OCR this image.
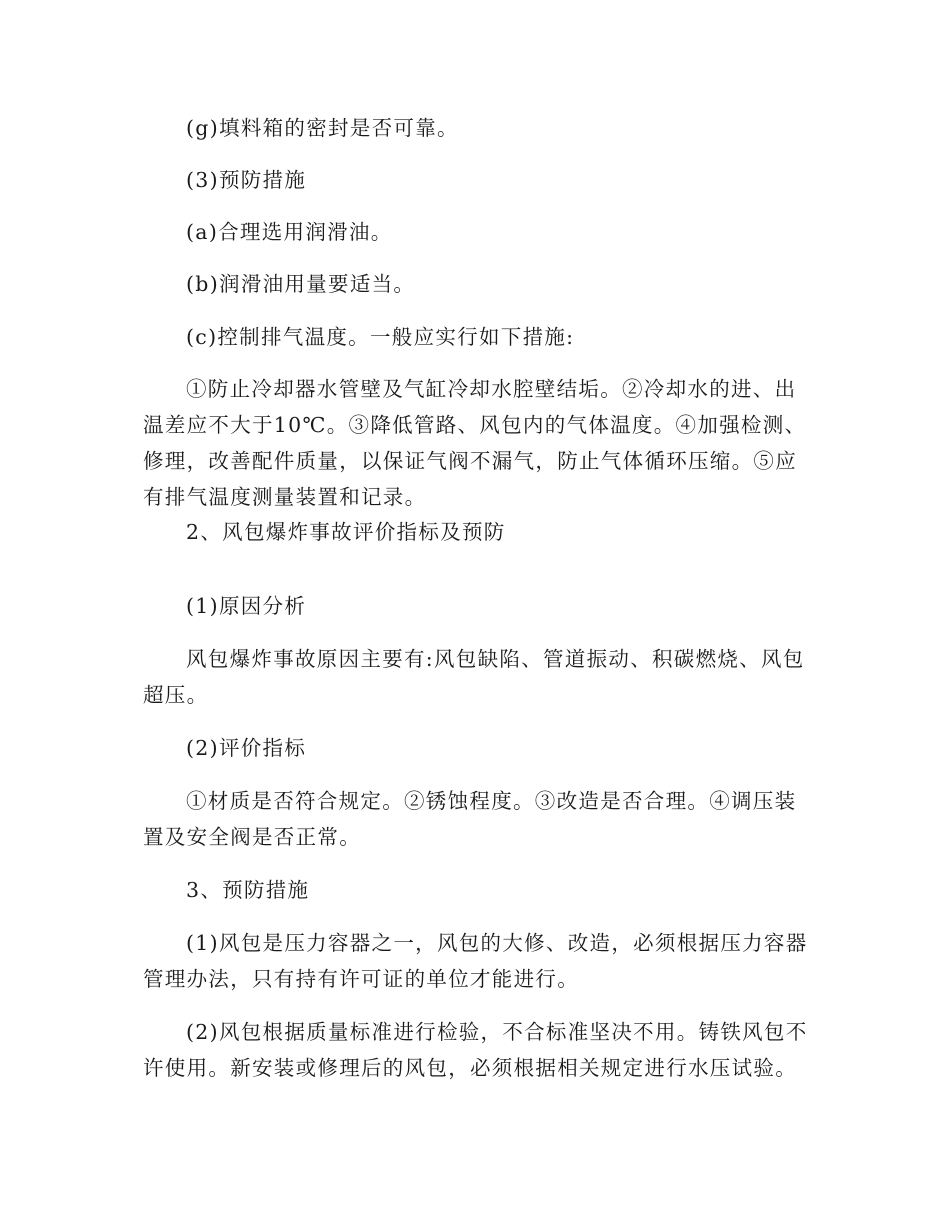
(g)填料箱的密封是否可靠。

(3)预防措施

(a)合理选用润滑油。

(b)润滑油用量要适当。

(c)控制排气温度。一般应实行如下措施:

①防止冷却器水管壁及气缸冷却水腔壁结垢。②冷却水的进、出温差应不大于10℃。③降低管路、风包内的气体温度。④加强检测、修理，改善配件质量，以保证气阀不漏气，防止气体循环压缩。⑤应有排气温度测量装置和记录。

2、风包爆炸事故评价指标及预防

(1)原因分析

风包爆炸事故原因主要有:风包缺陷、管道振动、积碳燃烧、风包超压。

(2)评价指标

①材质是否符合规定。②锈蚀程度。③改造是否合理。④调压装置及安全阀是否正常。

3、预防措施

(1)风包是压力容器之一，风包的大修、改造，必须根据压力容器管理办法，只有持有许可证的单位才能进行。

(2)风包根据质量标准进行检验，不合标准坚决不用。铸铁风包不许使用。新安装或修理后的风包，必须根据相关规定进行水压试验。
